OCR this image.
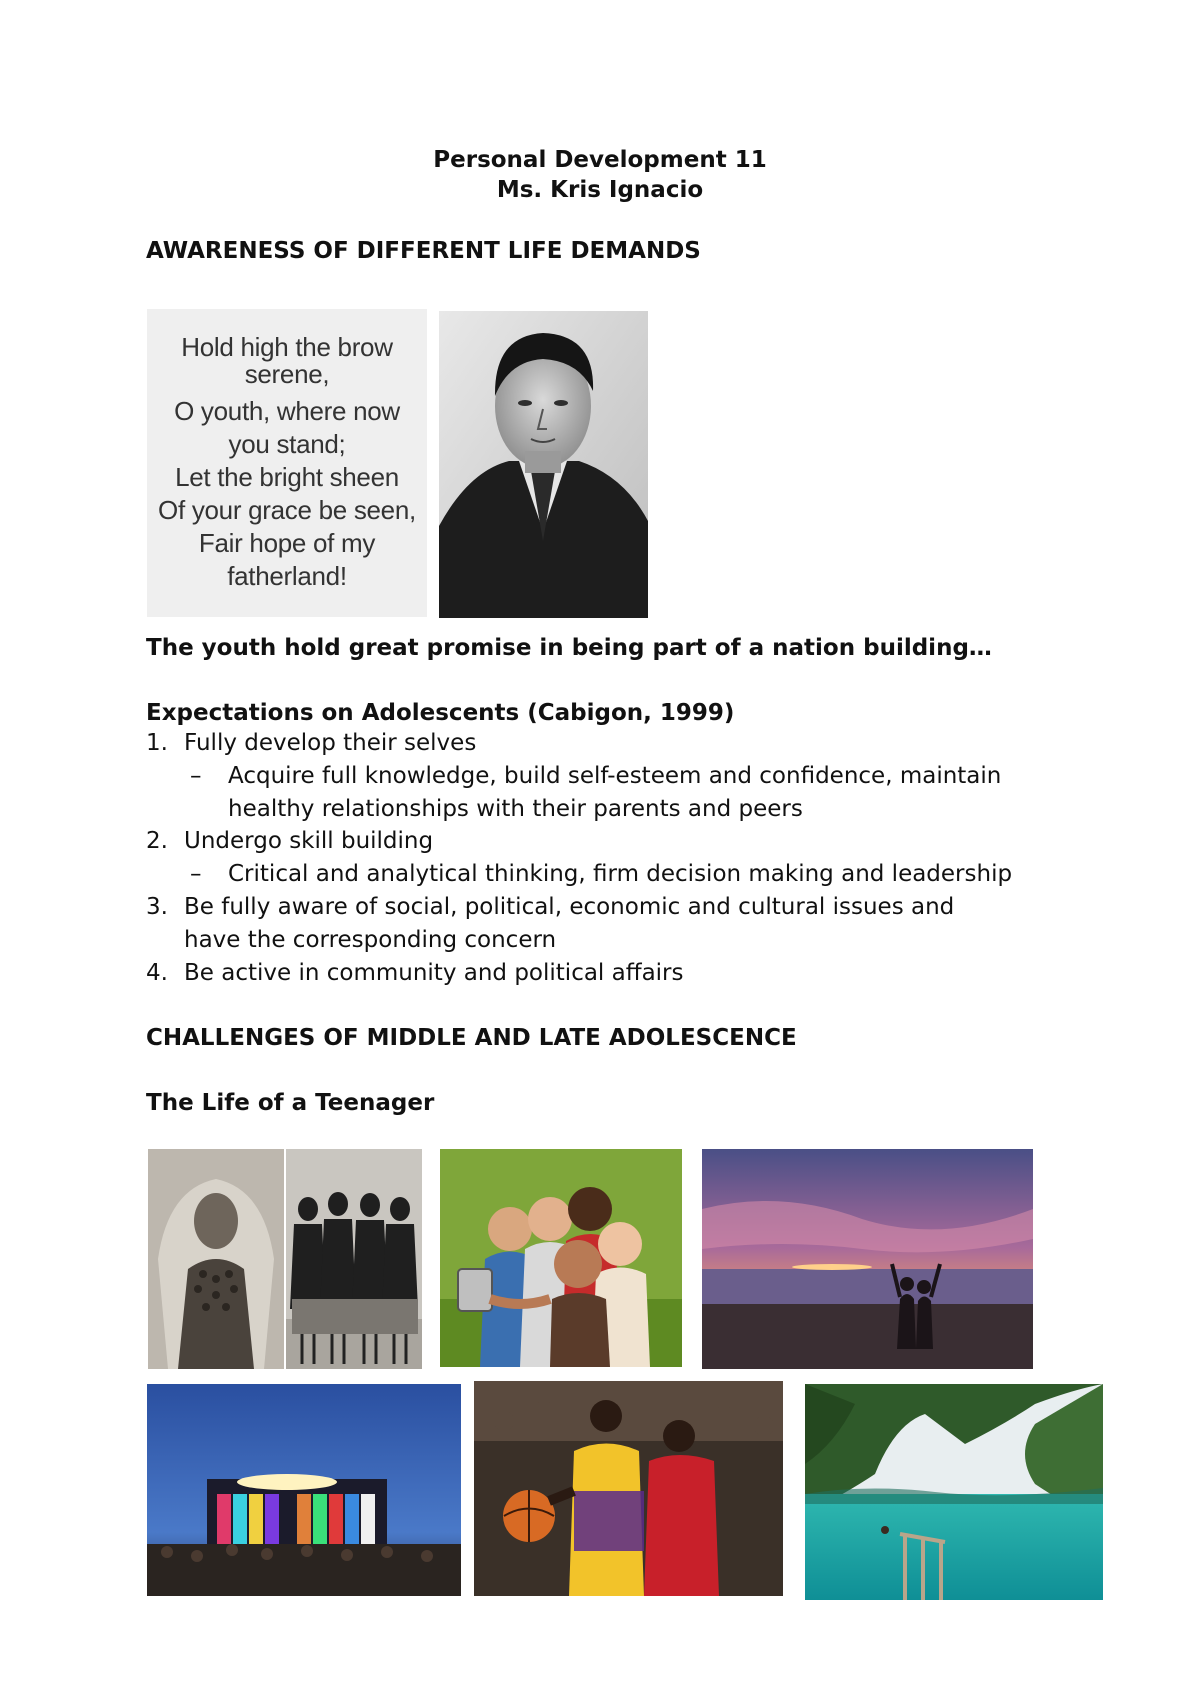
Personal Development 11
Ms. Kris Ignacio
AWARENESS OF DIFFERENT LIFE DEMANDS
Hold high the brow
serene,
O youth, where now
you stand;
Let the bright sheen
Of your grace be seen,
Fair hope of my
fatherland!
The youth hold great promise in being part of a nation building…
Expectations on Adolescents (Cabigon, 1999)
1. Fully develop their selves
– Acquire full knowledge, build self-esteem and confidence, maintain
healthy relationships with their parents and peers
2. Undergo skill building
– Critical and analytical thinking, firm decision making and leadership
3. Be fully aware of social, political, economic and cultural issues and
have the corresponding concern
4. Be active in community and political affairs
CHALLENGES OF MIDDLE AND LATE ADOLESCENCE
The Life of a Teenager
